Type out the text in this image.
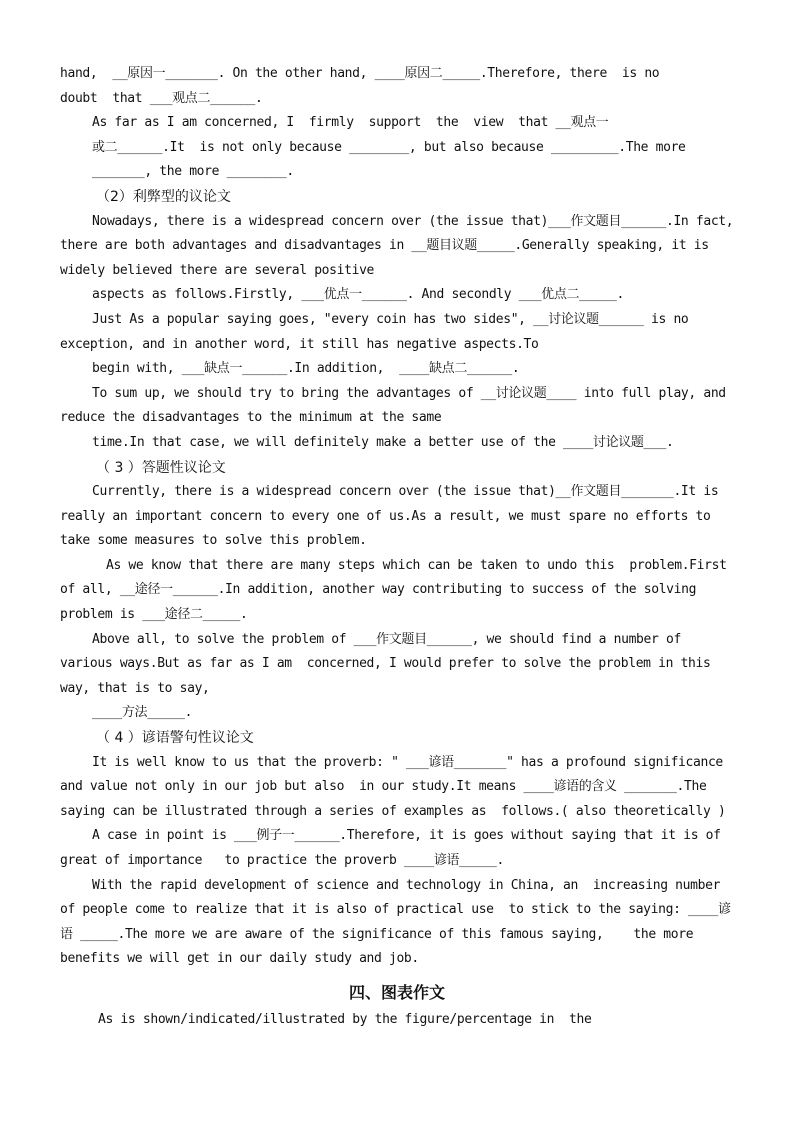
hand,  __原因一_______. On the other hand, ____原因二_____.Therefore, there  is no

doubt  that ___观点二______.

As far as I am concerned, I  firmly  support  the  view  that __观点一

或二______.It  is not only because ________, but also because _________.The more

_______, the more ________.

（2）利弊型的议论文

Nowadays, there is a widespread concern over (the issue that)___作文题目______.In fact, there are both advantages and disadvantages in __题目议题_____.Generally speaking, it is widely believed there are several positive

aspects as follows.Firstly, ___优点一______. And secondly ___优点二_____.

Just As a popular saying goes, "every coin has two sides", __讨论议题______ is no exception, and in another word, it still has negative aspects.To

begin with, ___缺点一______.In addition,  ____缺点二______.

To sum up, we should try to bring the advantages of __讨论议题____ into full play, and reduce the disadvantages to the minimum at the same

time.In that case, we will definitely make a better use of the ____讨论议题___.

（ 3 ）答题性议论文

Currently, there is a widespread concern over (the issue that)__作文题目_______.It is really an important concern to every one of us.As a result, we must spare no efforts to take some measures to solve this problem.

As we know that there are many steps which can be taken to undo this  problem.First of all, __途径一______.In addition, another way contributing to success of the solving problem is ___途径二_____.

Above all, to solve the problem of ___作文题目______, we should find a number of various ways.But as far as I am  concerned, I would prefer to solve the problem in this way, that is to say,

____方法_____.

（ 4 ）谚语警句性议论文

It is well know to us that the proverb: " ___谚语_______" has a profound significance and value not only in our job but also  in our study.It means ____谚语的含义 _______.The saying can be illustrated through a series of examples as  follows.( also theoretically )

A case in point is ___例子一______.Therefore, it is goes without saying that it is of great of importance   to practice the proverb ____谚语_____.

With the rapid development of science and technology in China, an  increasing number of people come to realize that it is also of practical use  to stick to the saying: ____谚语 _____.The more we are aware of the significance of this famous saying,    the more benefits we will get in our daily study and job.

四、图表作文

As is shown/indicated/illustrated by the figure/percentage in  the
